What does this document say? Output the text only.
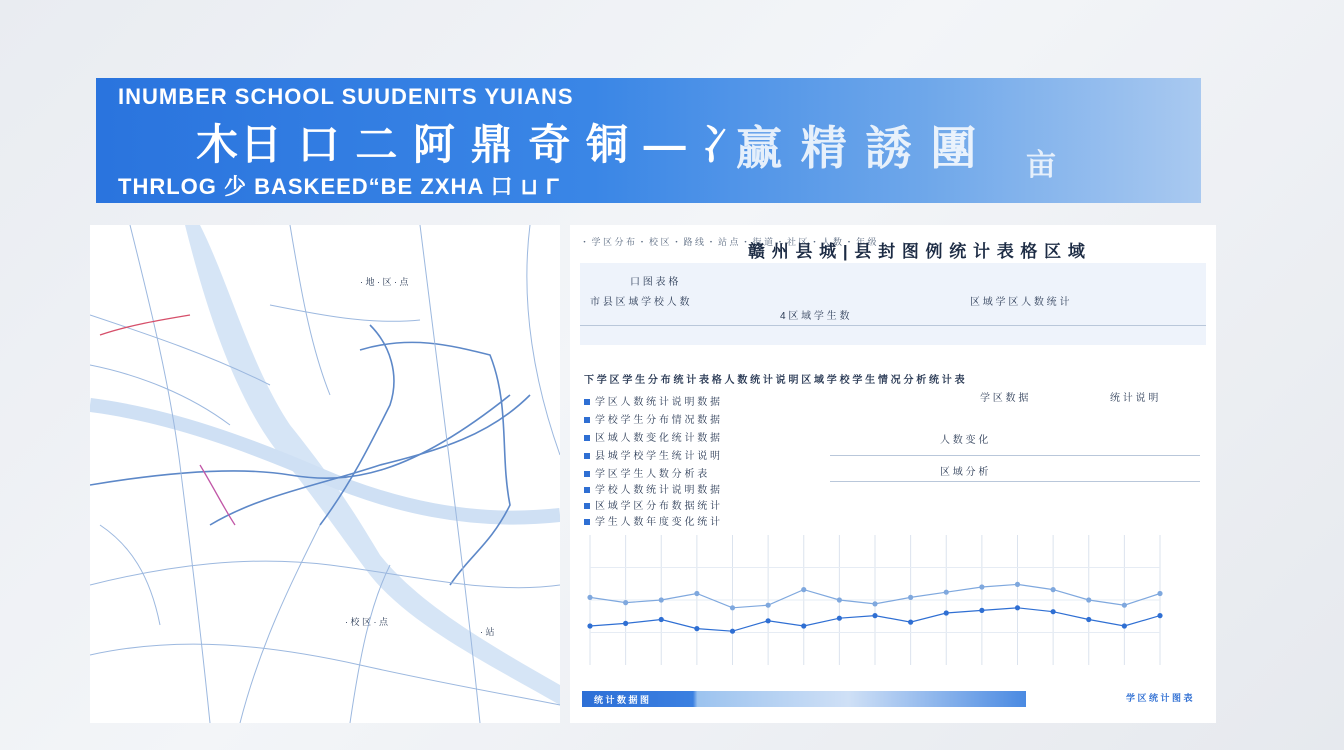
INUMBER SCHOOL SUUDENITS YUIANS
木日 口 二 阿 鼎 奇 铜 — 冫
赢 精 誘 團 亩
THRLOG 少 BASKEED“BE ZXHA 口 ⊔ Γ
· 地 · 区 · 点
· 校 区 · 点
· 站
・ 学 区 分 布 ・ 校 区 ・ 路 线 ・ 站 点 ・ 街 道 ・ 社 区 ・ 人 数 ・ 年 级
赣 州 县 城 | 县 封 图 例 统 计 表 格 区 域
口 图 表 格
市 县 区 域 学 校 人 数
4 区 域 学 生 数
区 域 学 区 人 数 统 计
下 学 区 学 生 分 布 统 计 表 格 人 数 统 计 说 明 区 域 学 校 学 生 情 况 分 析 统 计 表
学 区 人 数 统 计 说 明 数 据
学 校 学 生 分 布 情 况 数 据
区 域 人 数 变 化 统 计 数 据
县 城 学 校 学 生 统 计 说 明
学 区 学 生 人 数 分 析 表
学 校 人 数 统 计 说 明 数 据
区 域 学 区 分 布 数 据 统 计
学 生 人 数 年 度 变 化 统 计
学 区 数 据	统 计 说 明
人 数 变 化
区 域 分 析
统 计 数 据 图	学 区 统 计 图 表
